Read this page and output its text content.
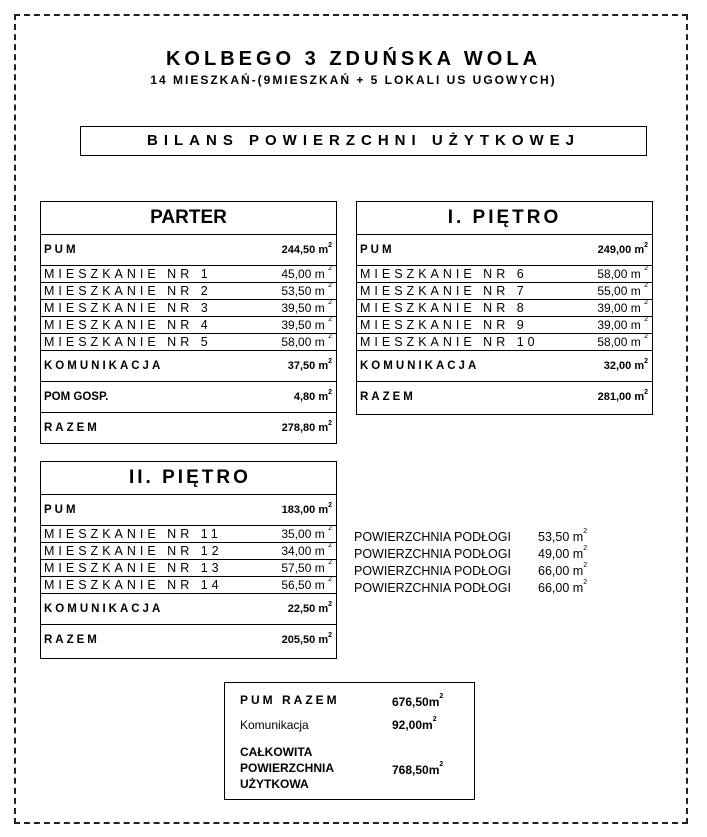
KOLBEGO 3 ZDUŃSKA WOLA
14 MIESZKAŃ-(9MIESZKAŃ + 5 LOKALI US UGOWYCH)
BILANS POWIERZCHNI UŻYTKOWEJ
PARTER
PUM	244,50 $m^2$
MIESZKANIE NR 1	45,00 m $^2$
MIESZKANIE NR 2	53,50 m $^2$
MIESZKANIE NR 3	39,50 m $^2$
MIESZKANIE NR 4	39,50 m $^2$
MIESZKANIE NR 5	58,00 m $^2$
KOMUNIKACJA	37,50 $m^2$
POM GOSP.	4,80 $m^2$
RAZEM	278,80 $m^2$
I. PIĘTRO
PUM	249,00 $m^2$
MIESZKANIE NR 6	58,00 m $^2$
MIESZKANIE NR 7	55,00 m $^2$
MIESZKANIE NR 8	39,00 m $^2$
MIESZKANIE NR 9	39,00 m $^2$
MIESZKANIE NR 10	58,00 m $^2$
KOMUNIKACJA	32,00 $m^2$
RAZEM	281,00 $m^2$
II. PIĘTRO
PUM	183,00 $m^2$
MIESZKANIE NR 11	35,00 m $^2$
MIESZKANIE NR 12	34,00 m $^2$
MIESZKANIE NR 13	57,50 m $^2$
MIESZKANIE NR 14	56,50 m $^2$
KOMUNIKACJA	22,50 $m^2$
RAZEM	205,50 $m^2$
POWIERZCHNIA PODŁOGI 53,50 $m^2$
POWIERZCHNIA PODŁOGI 49,00 $m^2$
POWIERZCHNIA PODŁOGI 66,00 $m^2$
POWIERZCHNIA PODŁOGI 66,00 $m^2$
PUM RAZEM	$676,50m^2$
Komunikacja	$92,00m^2$
CAŁKOWITA
POWIERZCHNIA
UŻYTKOWA
$768,50m^2$
